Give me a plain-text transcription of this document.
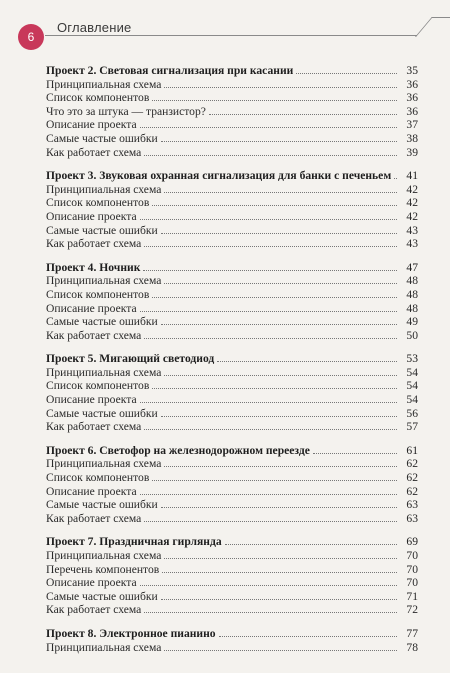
6
Оглавление
Проект 2. Световая сигнализация при касании	35
Принципиальная схема	36
Список компонентов	36
Что это за штука — транзистор?	36
Описание проекта	37
Самые частые ошибки	38
Как работает схема	39
Проект 3. Звуковая охранная сигнализация для банки с печеньем	41
Принципиальная схема	42
Список компонентов	42
Описание проекта	42
Самые частые ошибки	43
Как работает схема	43
Проект 4. Ночник	47
Принципиальная схема	48
Список компонентов	48
Описание проекта	48
Самые частые ошибки	49
Как работает схема	50
Проект 5. Мигающий светодиод	53
Принципиальная схема	54
Список компонентов	54
Описание проекта	54
Самые частые ошибки	56
Как работает схема	57
Проект 6. Светофор на железнодорожном переезде	61
Принципиальная схема	62
Список компонентов	62
Описание проекта	62
Самые частые ошибки	63
Как работает схема	63
Проект 7. Праздничная гирлянда	69
Принципиальная схема	70
Перечень компонентов	70
Описание проекта	70
Самые частые ошибки	71
Как работает схема	72
Проект 8. Электронное пианино	77
Принципиальная схема	78
